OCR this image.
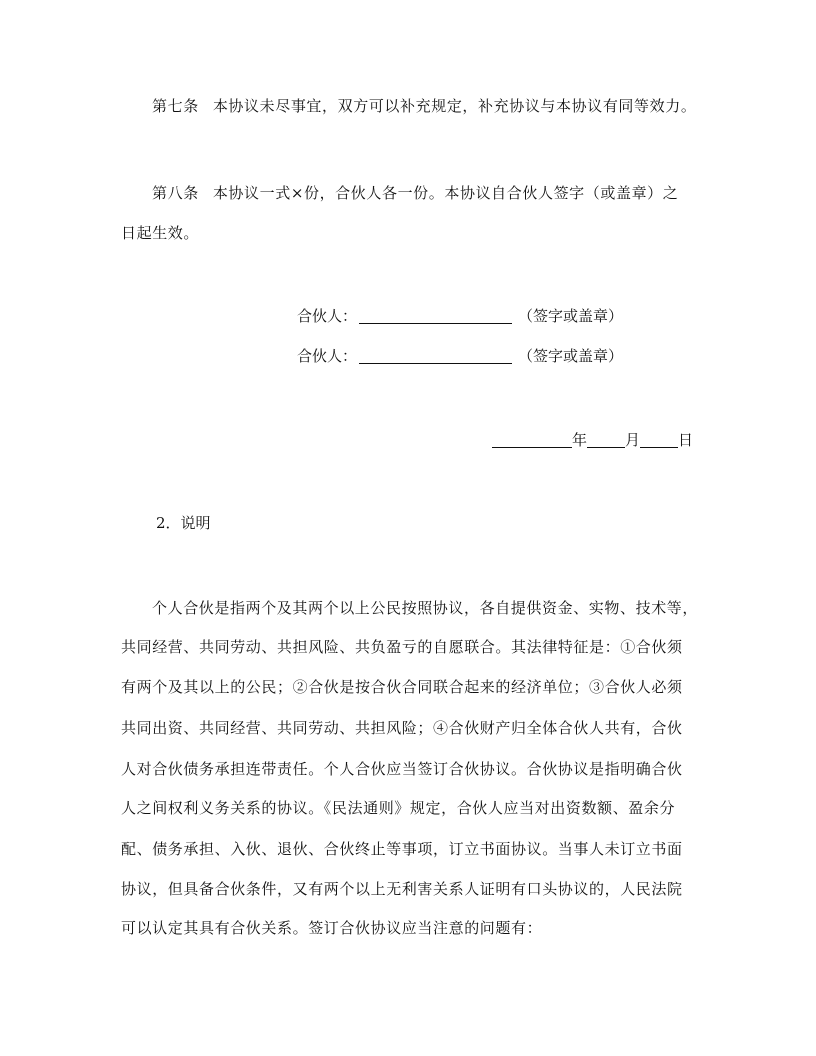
第七条 本协议未尽事宜，双方可以补充规定，补充协议与本协议有同等效力。
第八条 本协议一式×份，合伙人各一份。本协议自合伙人签字（或盖章）之
日起生效。
合伙人：	（签字或盖章）
合伙人：	（签字或盖章）
年	月	日
2．说明
个人合伙是指两个及其两个以上公民按照协议，各自提供资金、实物、技术等，
共同经营、共同劳动、共担风险、共负盈亏的自愿联合。其法律特征是：①合伙须
有两个及其以上的公民；②合伙是按合伙合同联合起来的经济单位；③合伙人必须
共同出资、共同经营、共同劳动、共担风险；④合伙财产归全体合伙人共有，合伙
人对合伙债务承担连带责任。个人合伙应当签订合伙协议。合伙协议是指明确合伙
人之间权利义务关系的协议。《民法通则》规定，合伙人应当对出资数额、盈余分
配、债务承担、入伙、退伙、合伙终止等事项，订立书面协议。当事人未订立书面
协议，但具备合伙条件，又有两个以上无利害关系人证明有口头协议的，人民法院
可以认定其具有合伙关系。签订合伙协议应当注意的问题有：
